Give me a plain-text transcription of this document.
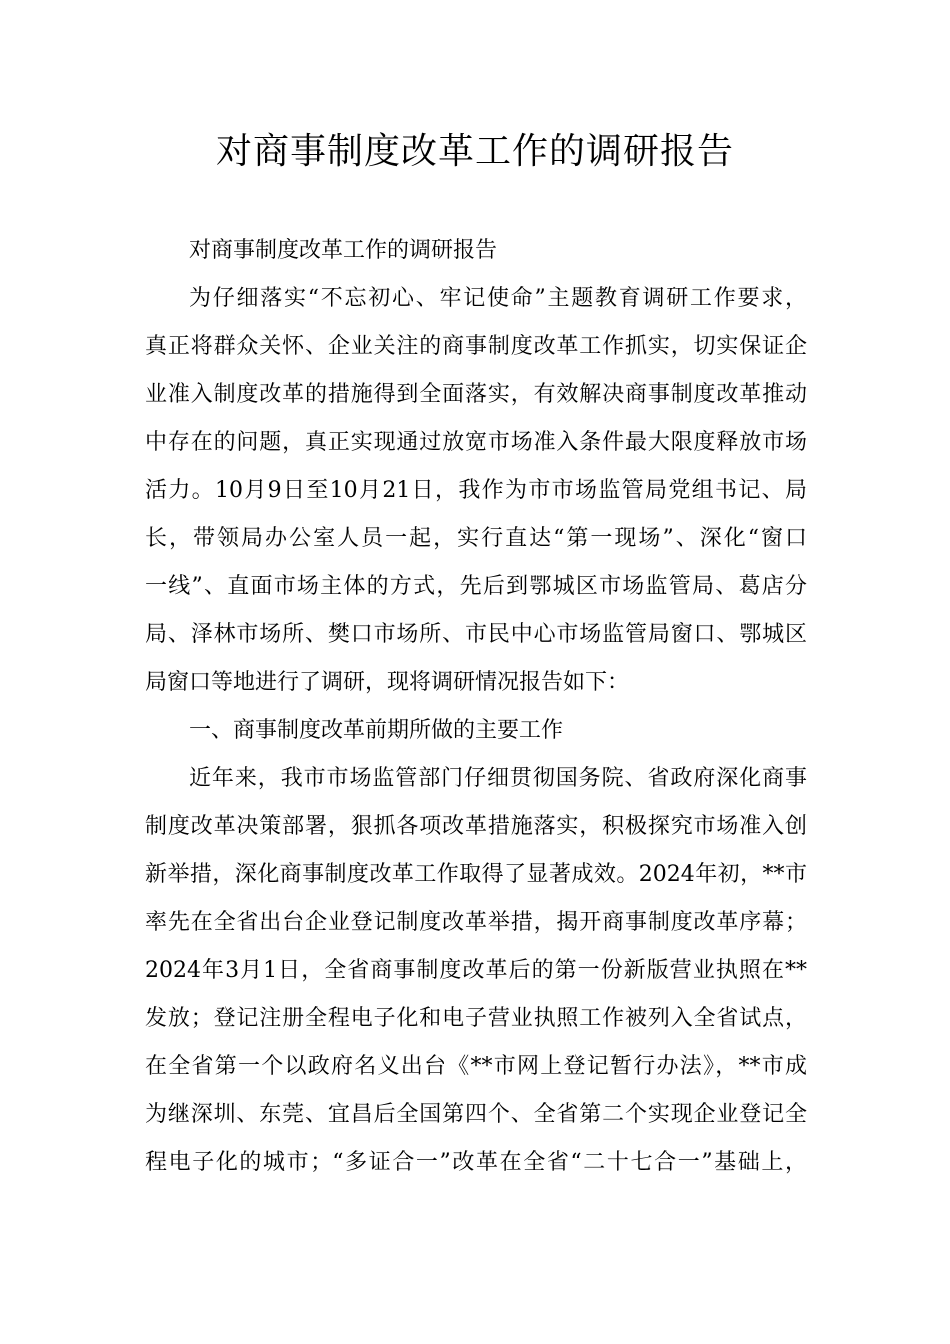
对商事制度改革工作的调研报告
对商事制度改革工作的调研报告
为仔细落实“不忘初心、牢记使命”主题教育调研工作要求，
真正将群众关怀、企业关注的商事制度改革工作抓实，切实保证企
业准入制度改革的措施得到全面落实，有效解决商事制度改革推动
中存在的问题，真正实现通过放宽市场准入条件最大限度释放市场
活力。10月9日至10月21日，我作为市市场监管局党组书记、局
长，带领局办公室人员一起，实行直达“第一现场”、深化“窗口
一线”、直面市场主体的方式，先后到鄂城区市场监管局、葛店分
局、泽林市场所、樊口市场所、市民中心市场监管局窗口、鄂城区
局窗口等地进行了调研，现将调研情况报告如下：
一、商事制度改革前期所做的主要工作
近年来，我市市场监管部门仔细贯彻国务院、省政府深化商事
制度改革决策部署，狠抓各项改革措施落实，积极探究市场准入创
新举措，深化商事制度改革工作取得了显著成效。2024年初，**市
率先在全省出台企业登记制度改革举措，揭开商事制度改革序幕；
2024年3月1日，全省商事制度改革后的第一份新版营业执照在**
发放；登记注册全程电子化和电子营业执照工作被列入全省试点，
在全省第一个以政府名义出台《**市网上登记暂行办法》，**市成
为继深圳、东莞、宜昌后全国第四个、全省第二个实现企业登记全
程电子化的城市；“多证合一”改革在全省“二十七合一”基础上，
